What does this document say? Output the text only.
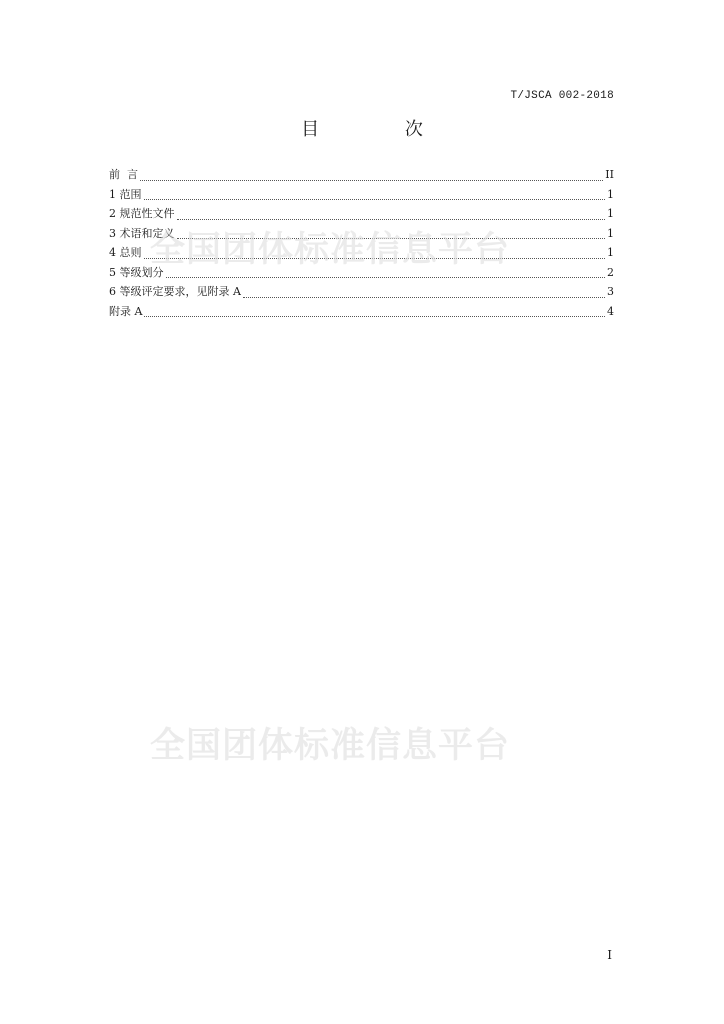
T/JSCA 002-2018
目 次
前  言	II
1 范围	1
2 规范性文件	1
3 术语和定义	1
4 总则	1
5 等级划分	2
6 等级评定要求，见附录 A	3
附录 A	4
全国团体标准信息平台
全国团体标准信息平台
I
